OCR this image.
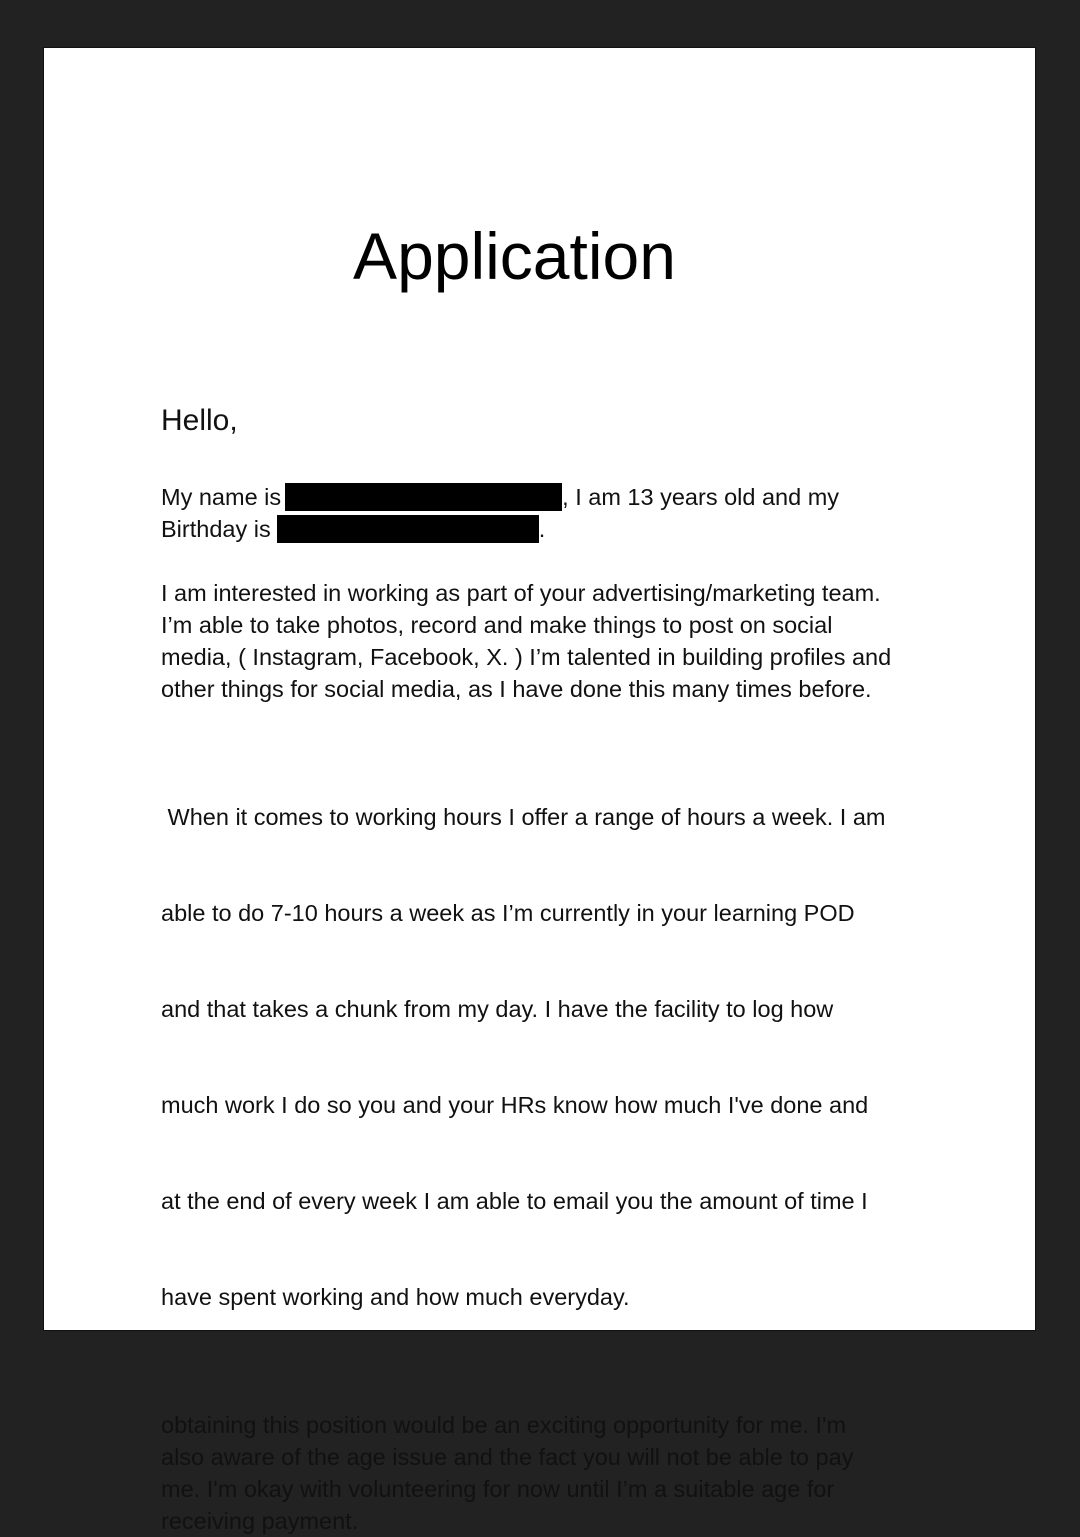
Application

Hello,

My name is	, I am 13 years old and my
Birthday is	.
I am interested in working as part of your advertising/marketing team.
I’m able to take photos, record and make things to post on social
media, ( Instagram, Facebook, X. ) I’m talented in building profiles and
other things for social media, as I have done this many times before.

When it comes to working hours I offer a range of hours a week. I am

able to do 7-10 hours a week as I’m currently in your learning POD

and that takes a chunk from my day. I have the facility to log how

much work I do so you and your HRs know how much I've done and

at the end of every week I am able to email you the amount of time I

have spent working and how much everyday.

obtaining this position would be an exciting opportunity for me. I'm
also aware of the age issue and the fact you will not be able to pay
me. I'm okay with volunteering for now until I’m a suitable age for
receiving payment.
